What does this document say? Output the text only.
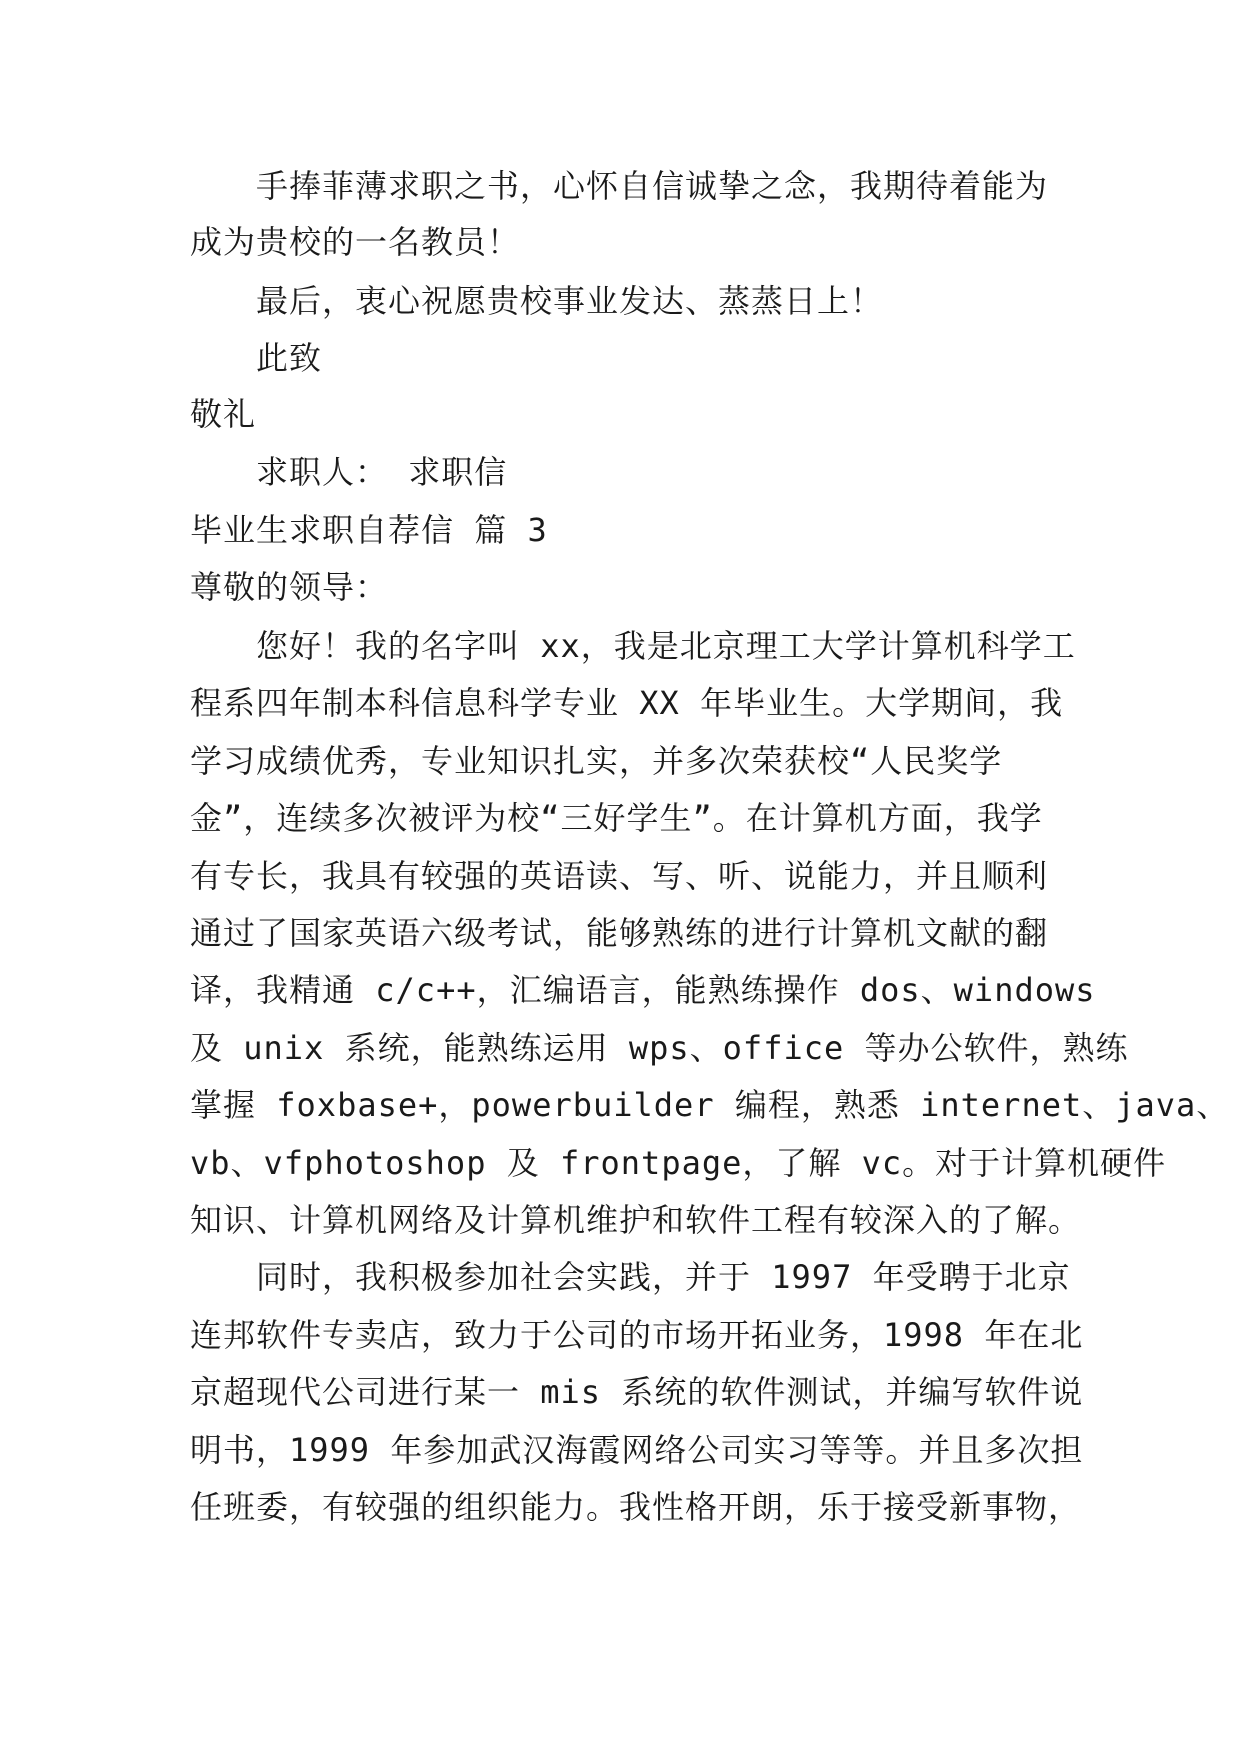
手捧菲薄求职之书，心怀自信诚挚之念，我期待着能为
成为贵校的一名教员！
最后，衷心祝愿贵校事业发达、蒸蒸日上！
此致
敬礼
求职人： 求职信
毕业生求职自荐信 篇 3
尊敬的领导：
您好！我的名字叫 xx，我是北京理工大学计算机科学工
程系四年制本科信息科学专业 XX 年毕业生。大学期间，我
学习成绩优秀，专业知识扎实，并多次荣获校“人民奖学
金”，连续多次被评为校“三好学生”。在计算机方面，我学
有专长，我具有较强的英语读、写、听、说能力，并且顺利
通过了国家英语六级考试，能够熟练的进行计算机文献的翻
译，我精通 c/c++，汇编语言，能熟练操作 dos、windows
及 unix 系统，能熟练运用 wps、office 等办公软件，熟练
掌握 foxbase+，powerbuilder 编程，熟悉 internet、java、
vb、vfphotoshop 及 frontpage，了解 vc。对于计算机硬件
知识、计算机网络及计算机维护和软件工程有较深入的了解。
同时，我积极参加社会实践，并于 1997 年受聘于北京
连邦软件专卖店，致力于公司的市场开拓业务，1998 年在北
京超现代公司进行某一 mis 系统的软件测试，并编写软件说
明书，1999 年参加武汉海霞网络公司实习等等。并且多次担
任班委，有较强的组织能力。我性格开朗，乐于接受新事物，
